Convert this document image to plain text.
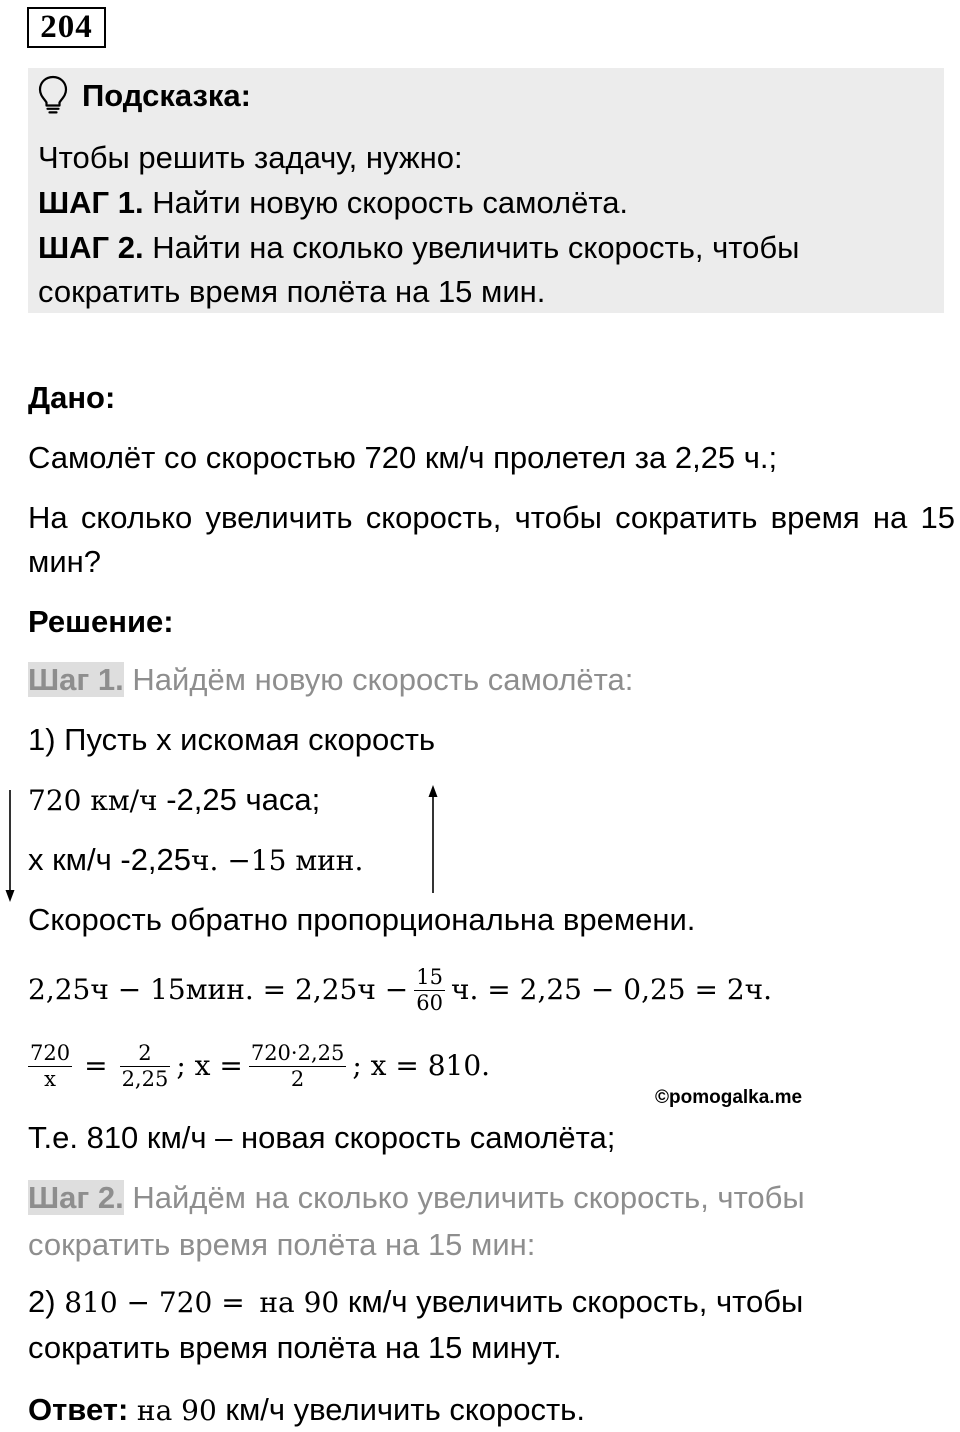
204
Подсказка:
Чтобы решить задачу, нужно:
ШАГ 1. Найти новую скорость самолёта.
ШАГ 2. Найти на сколько увеличить скорость, чтобы
сократить время полёта на 15 мин.
Дано:
Самолёт со скоростью 720 км/ч пролетел за 2,25 ч.;
На сколько увеличить скорость, чтобы сократить время на 15
мин?
Решение:
Шаг 1. Найдём новую скорость самолёта:
1) Пусть х искомая скорость
720 км/ч -2,25 часа;
х км/ч -2,25ч. −15 мин.
Скорость обратно пропорциональна времени.
2,25ч − 15мин. = $2,25ч - \frac{15}{60} ч$. = 2,25 − 0,25 = 2ч.
$\frac{720}{х} = \frac{2}{2,25}$ ; $х = \frac{720\cdot 2,25}{2}$ ; х = 810.
©pomogalka.me
Т.е. 810 км/ч – новая скорость самолёта;
Шаг 2. Найдём на сколько увеличить скорость, чтобы
сократить время полёта на 15 мин:
2) 810 − 720 = на 90 км/ч увеличить скорость, чтобы
сократить время полёта на 15 минут.
Ответ: на 90 км/ч увеличить скорость.
